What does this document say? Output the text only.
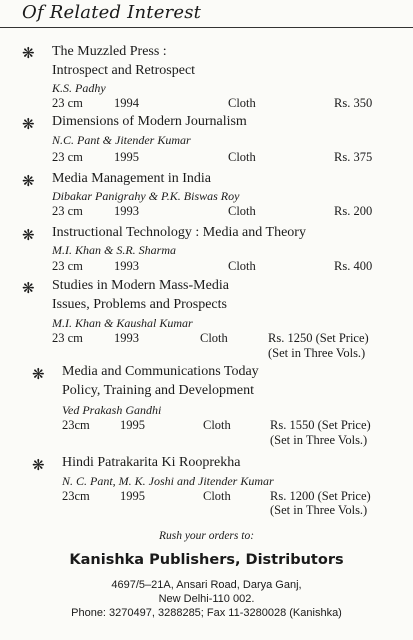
Of Related Interest
❋ The Muzzled Press :
Introspect and Retrospect
K.S. Padhy
23 cm 1994	Cloth	Rs. 350
❋ Dimensions of Modern Journalism
N.C. Pant & Jitender Kumar
23 cm 1995	Cloth	Rs. 375
❋ Media Management in India
Dibakar Panigrahy & P.K. Biswas Roy
23 cm 1993	Cloth	Rs. 200
❋ Instructional Technology : Media and Theory
M.I. Khan & S.R. Sharma
23 cm 1993	Cloth	Rs. 400
❋ Studies in Modern Mass-Media
Issues, Problems and Prospects
M.I. Khan & Kaushal Kumar
23 cm 1993	Cloth	Rs. 1250 (Set Price)
(Set in Three Vols.)
❋ Media and Communications Today
Policy, Training and Development
Ved Prakash Gandhi
23cm 1995	Cloth	Rs. 1550 (Set Price)
(Set in Three Vols.)
❋ Hindi Patrakarita Ki Rooprekha
N. C. Pant, M. K. Joshi and Jitender Kumar
23cm 1995	Cloth	Rs. 1200 (Set Price)
(Set in Three Vols.)
Rush your orders to:
Kanishka Publishers, Distributors
4697/5–21A, Ansari Road, Darya Ganj,
New Delhi-110 002.
Phone: 3270497, 3288285; Fax 11-3280028 (Kanishka)
